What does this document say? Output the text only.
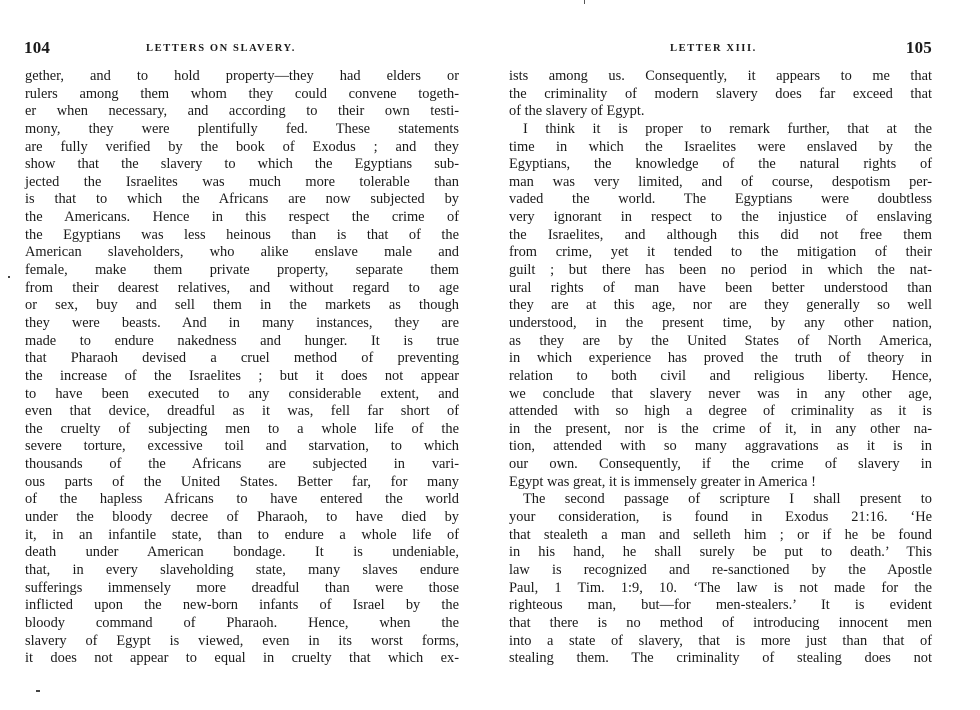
104	LETTERS ON SLAVERY.
gether, and to hold property—they had elders or
rulers among them whom they could convene togeth-
er when necessary, and according to their own testi-
mony, they were plentifully fed. These statements
are fully verified by the book of Exodus ; and they
show that the slavery to which the Egyptians sub-
jected the Israelites was much more tolerable than
is that to which the Africans are now subjected by
the Americans. Hence in this respect the crime of
the Egyptians was less heinous than is that of the
American slaveholders, who alike enslave male and
female, make them private property, separate them
from their dearest relatives, and without regard to age
or sex, buy and sell them in the markets as though
they were beasts. And in many instances, they are
made to endure nakedness and hunger. It is true
that Pharaoh devised a cruel method of preventing
the increase of the Israelites ; but it does not appear
to have been executed to any considerable extent, and
even that device, dreadful as it was, fell far short of
the cruelty of subjecting men to a whole life of the
severe torture, excessive toil and starvation, to which
thousands of the Africans are subjected in vari-
ous parts of the United States. Better far, for many
of the hapless Africans to have entered the world
under the bloody decree of Pharaoh, to have died by
it, in an infantile state, than to endure a whole life of
death under American bondage. It is undeniable,
that, in every slaveholding state, many slaves endure
sufferings immensely more dreadful than were those
inflicted upon the new-born infants of Israel by the
bloody command of Pharaoh. Hence, when the
slavery of Egypt is viewed, even in its worst forms,
it does not appear to equal in cruelty that which ex-
LETTER XIII.	105
ists among us. Consequently, it appears to me that
the criminality of modern slavery does far exceed that
of the slavery of Egypt.
I think it is proper to remark further, that at the
time in which the Israelites were enslaved by the
Egyptians, the knowledge of the natural rights of
man was very limited, and of course, despotism per-
vaded the world. The Egyptians were doubtless
very ignorant in respect to the injustice of enslaving
the Israelites, and although this did not free them
from crime, yet it tended to the mitigation of their
guilt ; but there has been no period in which the nat-
ural rights of man have been better understood than
they are at this age, nor are they generally so well
understood, in the present time, by any other nation,
as they are by the United States of North America,
in which experience has proved the truth of theory in
relation to both civil and religious liberty. Hence,
we conclude that slavery never was in any other age,
attended with so high a degree of criminality as it is
in the present, nor is the crime of it, in any other na-
tion, attended with so many aggravations as it is in
our own. Consequently, if the crime of slavery in
Egypt was great, it is immensely greater in America !
The second passage of scripture I shall present to
your consideration, is found in Exodus 21:16. ‘He
that stealeth a man and selleth him ; or if he be found
in his hand, he shall surely be put to death.’ This
law is recognized and re-sanctioned by the Apostle
Paul, 1 Tim. 1:9, 10. ‘The law is not made for the
righteous man, but—for men-stealers.’ It is evident
that there is no method of introducing innocent men
into a state of slavery, that is more just than that of
stealing them. The criminality of stealing does not
